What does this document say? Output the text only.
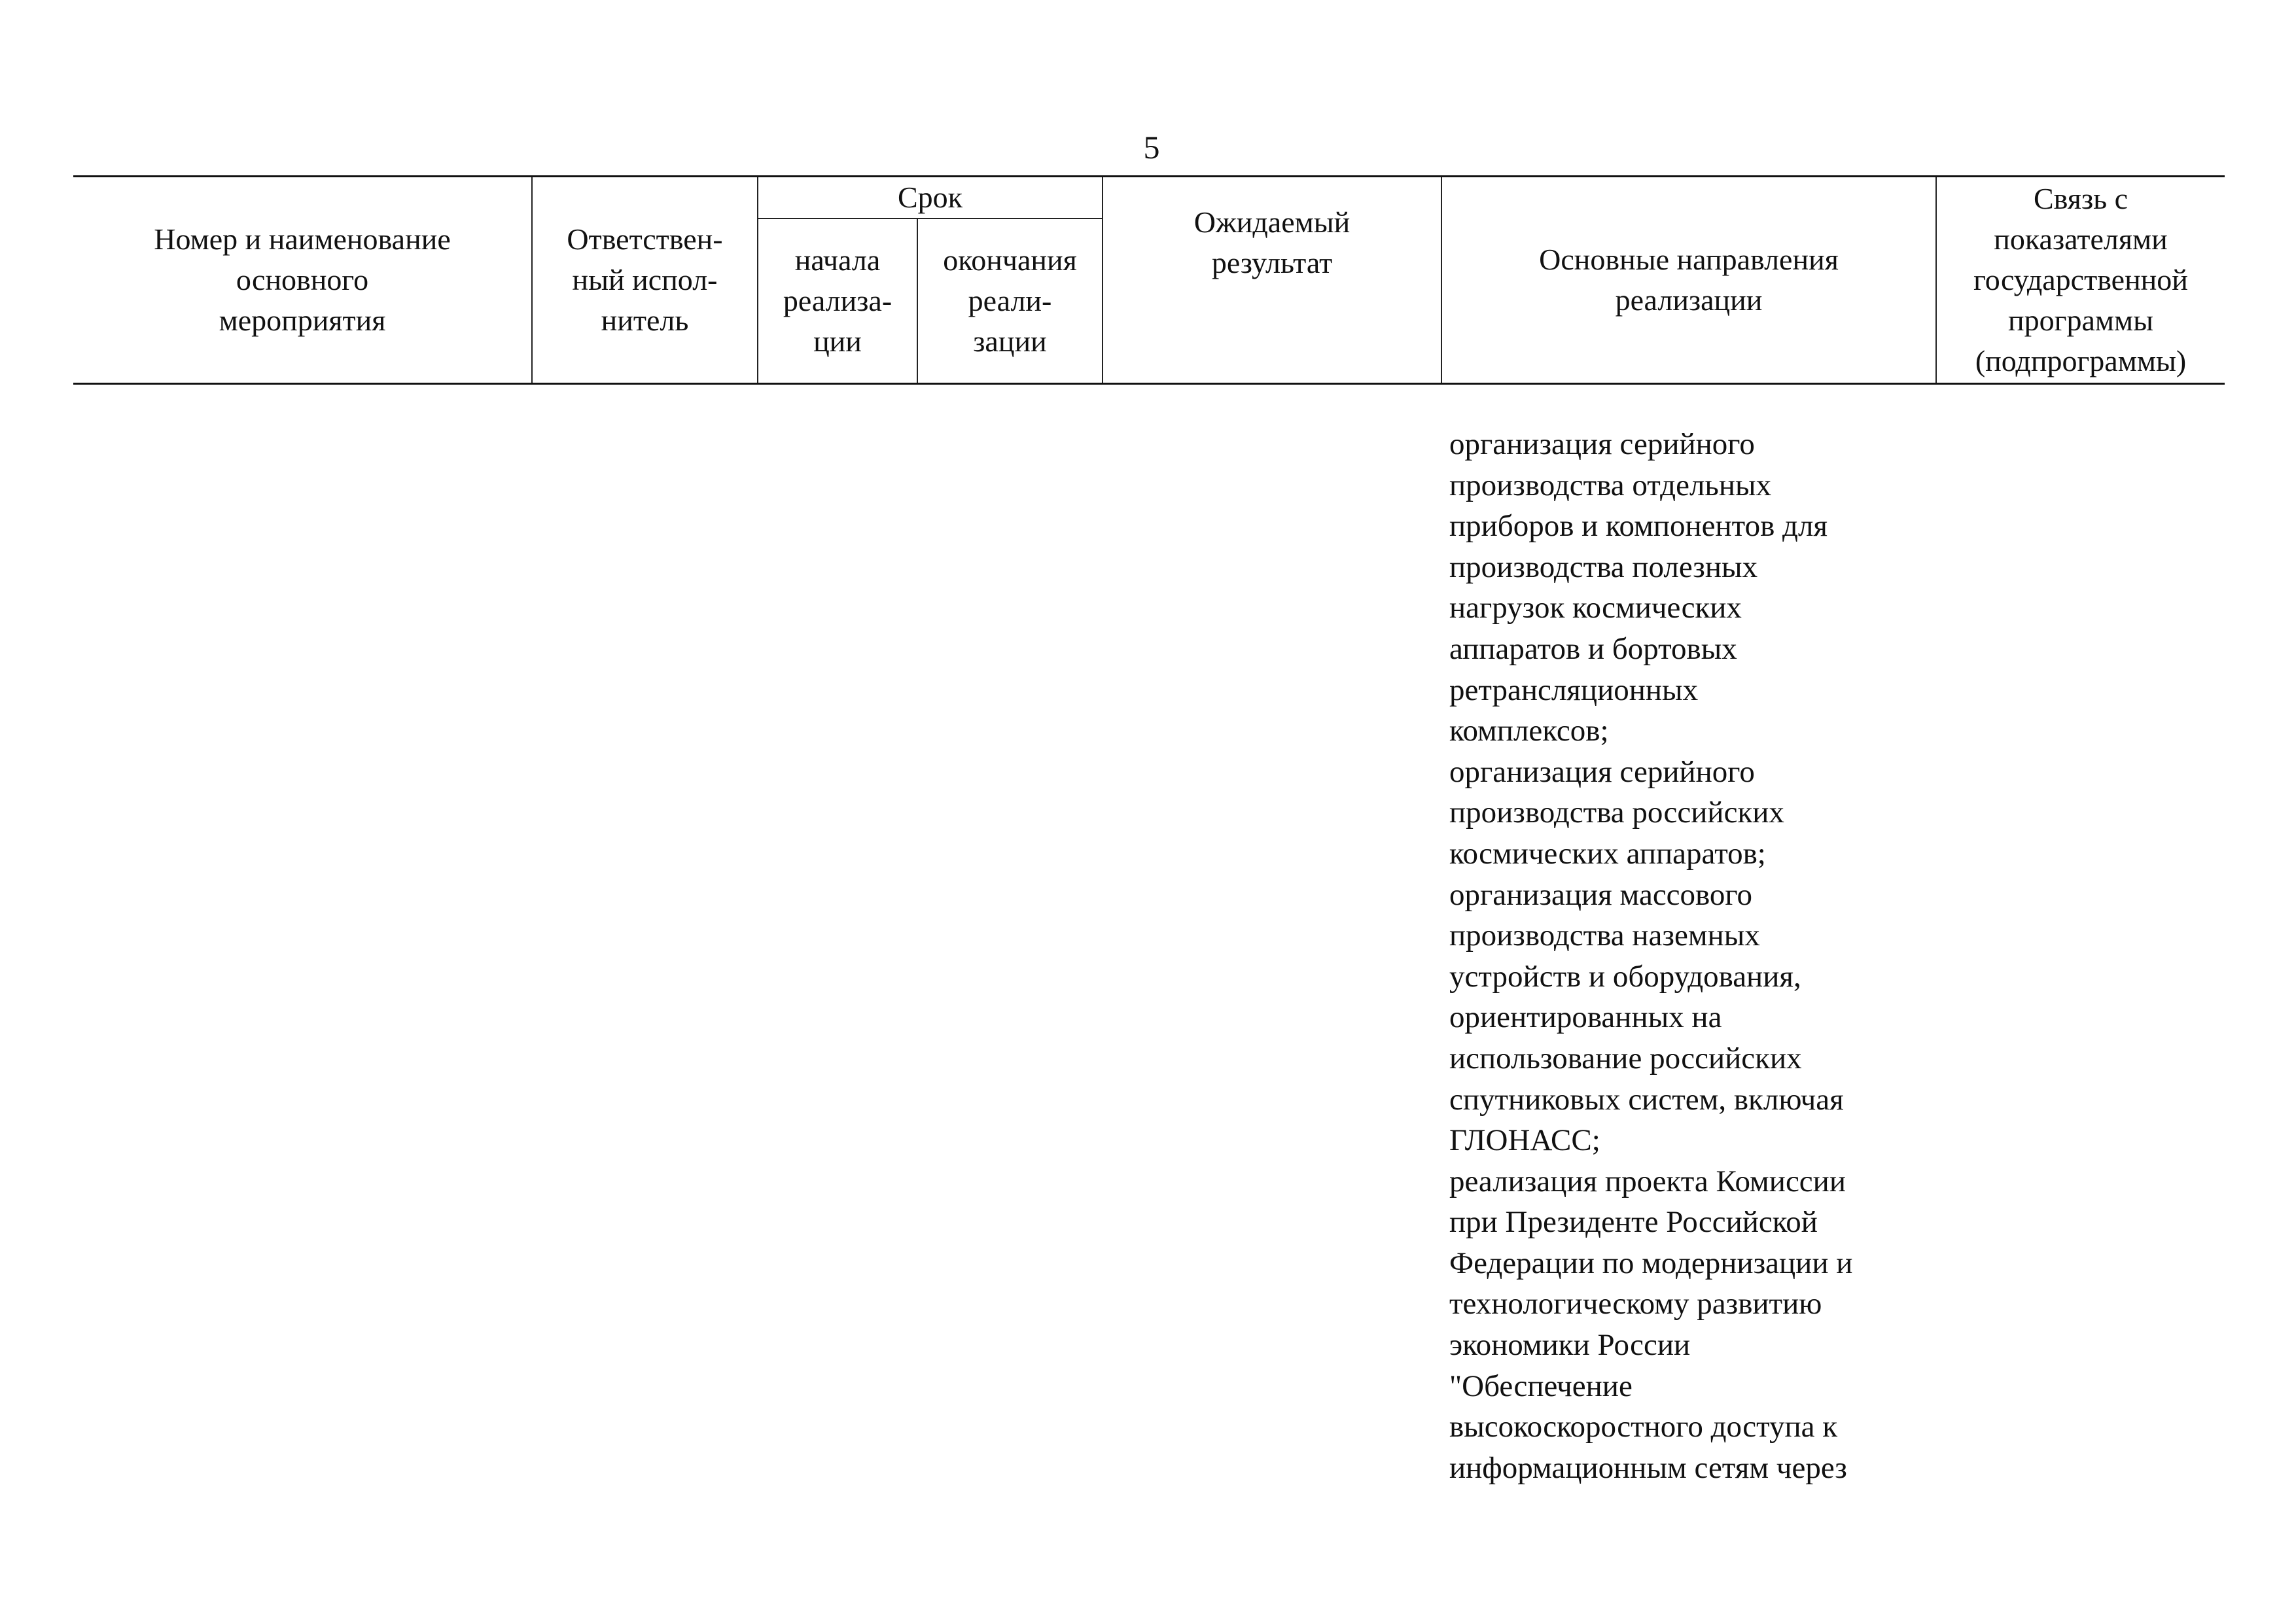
5
Номер и наименование
основного
мероприятия
Ответствен-
ный испол-
нитель
Срок
начала
реализа-
ции
окончания
реали-
зации
Ожидаемый
результат	Основные направления
реализации
Связь с
показателями
государственной
программы
(подпрограммы)
организация серийного
производства отдельных
приборов и компонентов для
производства полезных
нагрузок космических
аппаратов и бортовых
ретрансляционных
комплексов;
организация серийного
производства российских
космических аппаратов;
организация массового
производства наземных
устройств и оборудования,
ориентированных на
использование российских
спутниковых систем, включая
ГЛОНАСС;
реализация проекта Комиссии
при Президенте Российской
Федерации по модернизации и
технологическому развитию
экономики России
"Обеспечение
высокоскоростного доступа к
информационным сетям через
